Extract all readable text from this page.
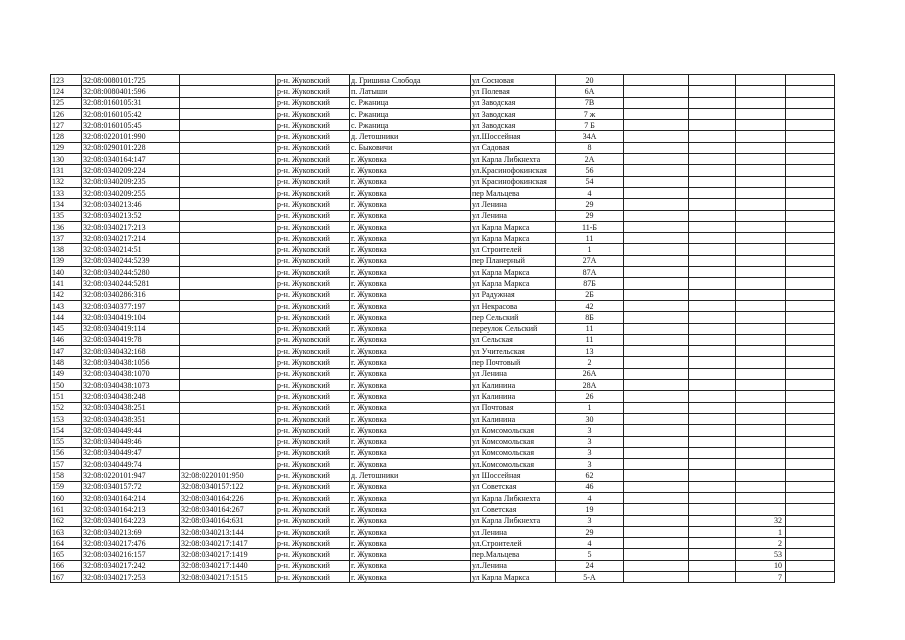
123	32:08:0080101:725		р-н. Жуковский	д. Гришина Слобода	ул Сосновая	20				
124	32:08:0080401:596		р-н. Жуковский	п. Латыши	ул Полевая	6А				
125	32:08:0160105:31		р-н. Жуковский	с. Ржаница	ул Заводская	7В				
126	32:08:0160105:42		р-н. Жуковский	с. Ржаница	ул Заводская	7 ж				
127	32:08:0160105:45		р-н. Жуковский	с. Ржаница	ул Заводская	7 Б				
128	32:08:0220101:990		р-н. Жуковский	д. Летошники	ул.Шоссейная	34А				
129	32:08:0290101:228		р-н. Жуковский	с. Быковичи	ул Садовая	8				
130	32:08:0340164:147		р-н. Жуковский	г. Жуковка	ул Карла Либкнехта	2А				
131	32:08:0340209:224		р-н. Жуковский	г. Жуковка	ул.Красинофокинская	56				
132	32:08:0340209:235		р-н. Жуковский	г. Жуковка	ул Красинофокинская	54				
133	32:08:0340209:255		р-н. Жуковский	г. Жуковка	пер Мальцева	4				
134	32:08:0340213:46		р-н. Жуковский	г. Жуковка	ул Ленина	29				
135	32:08:0340213:52		р-н. Жуковский	г. Жуковка	ул Ленина	29				
136	32:08:0340217:213		р-н. Жуковский	г. Жуковка	ул Карла Маркса	11-Б				
137	32:08:0340217:214		р-н. Жуковский	г. Жуковка	ул Карла Маркса	11				
138	32:08:0340214:51		р-н. Жуковский	г. Жуковка	ул Строителей	1				
139	32:08:0340244:5239		р-н. Жуковский	г. Жуковка	пер Планерный	27А				
140	32:08:0340244:5280		р-н. Жуковский	г. Жуковка	ул Карла Маркса	87А				
141	32:08:0340244:5281		р-н. Жуковский	г. Жуковка	ул Карла Маркса	87Б				
142	32:08:0340286:316		р-н. Жуковский	г. Жуковка	ул Радужная	2Б				
143	32:08:0340377:197		р-н. Жуковский	г. Жуковка	ул Некрасова	42				
144	32:08:0340419:104		р-н. Жуковский	г. Жуковка	пер Сельский	8Б				
145	32:08:0340419:114		р-н. Жуковский	г. Жуковка	переулок Сельский	11				
146	32:08:0340419:78		р-н. Жуковский	г. Жуковка	ул Сельская	11				
147	32:08:0340432:168		р-н. Жуковский	г. Жуковка	ул Учительская	13				
148	32:08:0340438:1056		р-н. Жуковский	г. Жуковка	пер Почтовый	2				
149	32:08:0340438:1070		р-н. Жуковский	г. Жуковка	ул Ленина	26А				
150	32:08:0340438:1073		р-н. Жуковский	г. Жуковка	ул Калинина	28А				
151	32:08:0340438:248		р-н. Жуковский	г. Жуковка	ул Калинина	26				
152	32:08:0340438:251		р-н. Жуковский	г. Жуковка	ул Почтовая	1				
153	32:08:0340438:351		р-н. Жуковский	г. Жуковка	ул Калинина	30				
154	32:08:0340449:44		р-н. Жуковский	г. Жуковка	ул Комсомольская	3				
155	32:08:0340449:46		р-н. Жуковский	г. Жуковка	ул Комсомольская	3				
156	32:08:0340449:47		р-н. Жуковский	г. Жуковка	ул Комсомольская	3				
157	32:08:0340449:74		р-н. Жуковский	г. Жуковка	ул.Комсомольская	3				
158	32:08:0220101:947	32:08:0220101:950	р-н. Жуковский	д. Летошники	ул Шоссейная	62				
159	32:08:0340157:72	32:08:0340157:122	р-н. Жуковский	г. Жуковка	ул Советская	46				
160	32:08:0340164:214	32:08:0340164:226	р-н. Жуковский	г. Жуковка	ул Карла Либкнехта	4				
161	32:08:0340164:213	32:08:0340164:267	р-н. Жуковский	г. Жуковка	ул Советская	19				
162	32:08:0340164:223	32:08:0340164:631	р-н. Жуковский	г. Жуковка	ул Карла Либкнехта	3			32	
163	32:08:0340213:69	32:08:0340213:144	р-н. Жуковский	г. Жуковка	ул Ленина	29			1	
164	32:08:0340217:476	32:08:0340217:1417	р-н. Жуковский	г. Жуковка	ул.Строителей	4			2	
165	32:08:0340216:157	32:08:0340217:1419	р-н. Жуковский	г. Жуковка	пер.Мальцева	5			53	
166	32:08:0340217:242	32:08:0340217:1440	р-н. Жуковский	г. Жуковка	ул.Ленина	24			10	
167	32:08:0340217:253	32:08:0340217:1515	р-н. Жуковский	г. Жуковка	ул Карла Маркса	5-А			7	
